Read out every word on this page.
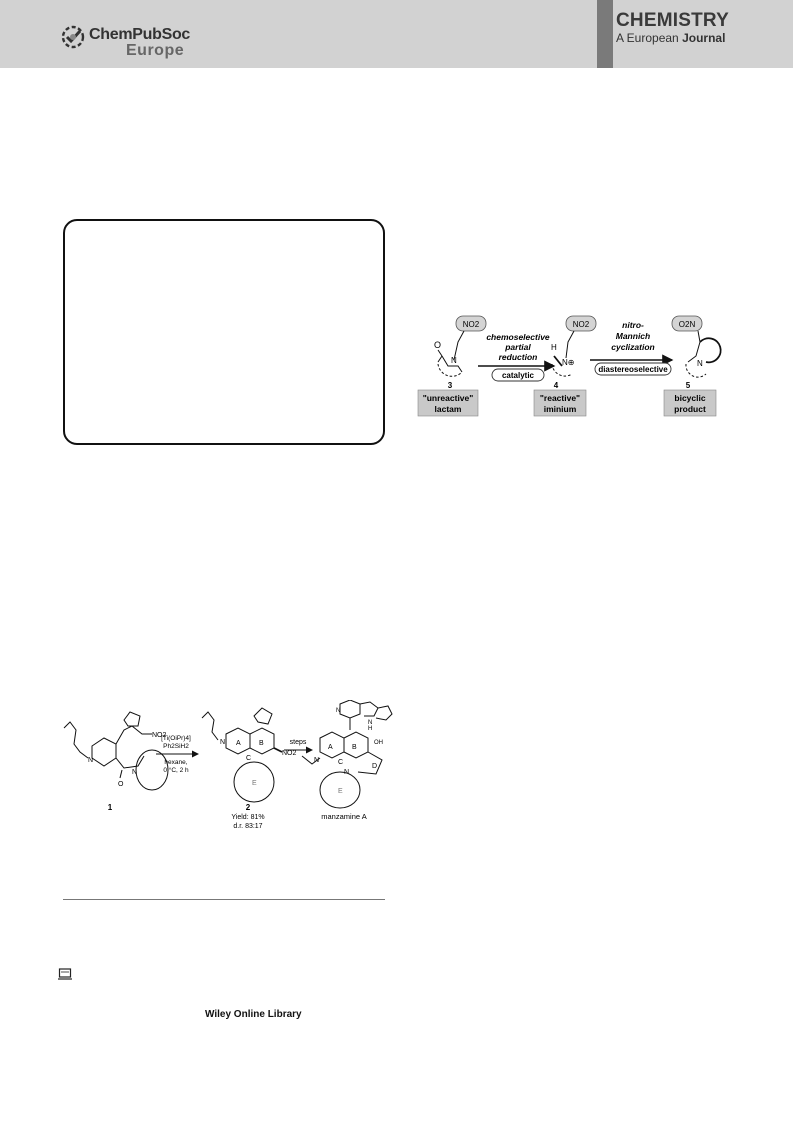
ChemPubSoc
Europe
CHEMISTRY
A European Journal
NO2
O
N
3
chemoselective
partial
reduction
catalytic
NO2
H
N⊕
4
nitro-
Mannich
cyclization
diastereoselective
O2N
N
5
"unreactive"
lactam
"reactive"
iminium
bicyclic
product
NO2
O
N
N
1
[Ti(OiPr)4]
Ph2SiH2
hexane,
0 °C, 2 h
A	B
C
NO2
E
N
2
Yield: 81%
d.r. 83:17
steps
N
H
N
A	B
C
OH
D
N
N
E
manzamine A
Wiley Online Library
